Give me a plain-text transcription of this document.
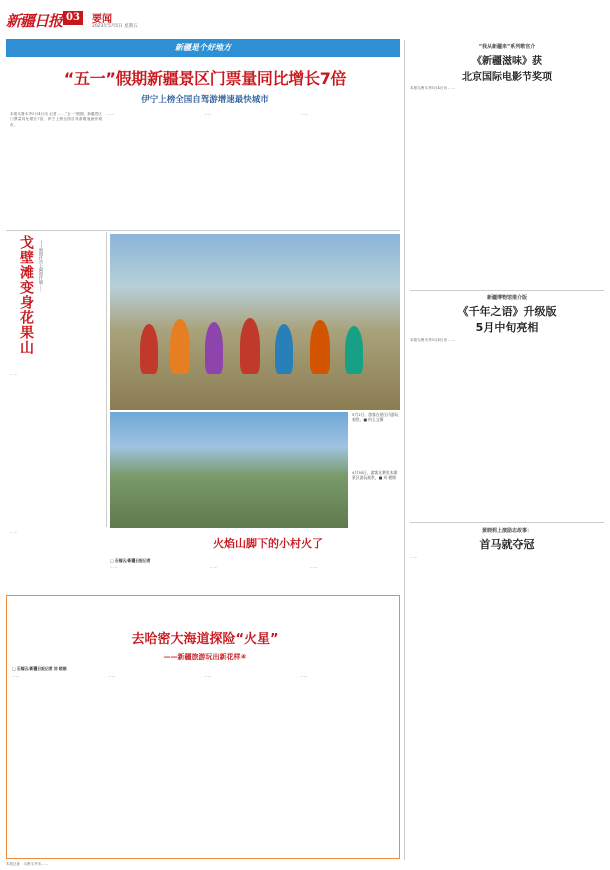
新疆日报 03	要闻
2023年5月5日 星期五
新疆是个好地方
“五一”假期新疆景区门票量同比增长7倍
伊宁上榜全国自驾游增速最快城市
本报乌鲁木齐5月4日讯 记者 ……“五一”假期，新疆景区门票量同比增长7倍，伊宁上榜全国自驾游增速最快城市。
……	……	……
戈壁滩变身花果山	——阿图什市上阿图什镇……
……
5月2日，游客在景区内游玩观赏。■ 何玉文摄
4月30日，游客在赛里木湖景区游玩观赏。■ 刘 健摄
火焰山脚下的小村火了
□ 石榴云/新疆日报记者
……
……	……	……
去哈密大海道探险“火星”
——新疆旅游玩出新花样④
□ 石榴云/新疆日报记者 刘 晓娟
……	……	……	……
“我从新疆来”系列歌官介
《新疆滋味》获
北京国际电影节奖项
本报乌鲁木齐5月4日讯 ……
新疆博物馆推介版
《千年之语》升级版
5月中旬亮相
本报乌鲁木齐5月4日讯 ……
黄晓莉上演励志故事：
首马就夺冠
……
本报社址：乌鲁木齐市……
